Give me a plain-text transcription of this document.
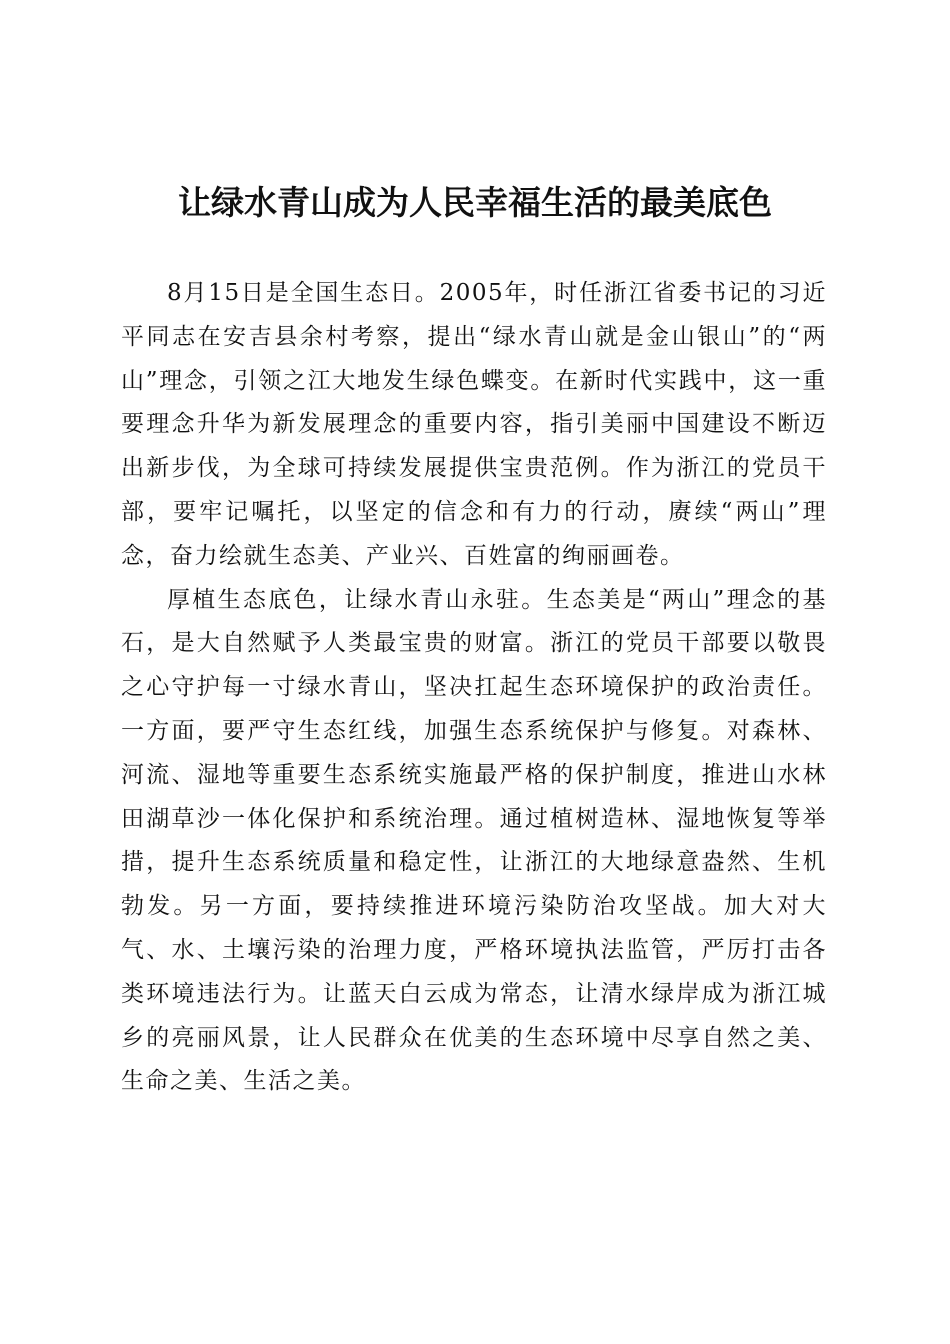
让绿水青山成为人民幸福生活的最美底色

8月15日是全国生态日。2005年，时任浙江省委书记的习近平同志在安吉县余村考察，提出“绿水青山就是金山银山”的“两山”理念，引领之江大地发生绿色蝶变。在新时代实践中，这一重要理念升华为新发展理念的重要内容，指引美丽中国建设不断迈出新步伐，为全球可持续发展提供宝贵范例。作为浙江的党员干部，要牢记嘱托，以坚定的信念和有力的行动，赓续“两山”理念，奋力绘就生态美、产业兴、百姓富的绚丽画卷。

厚植生态底色，让绿水青山永驻。生态美是“两山”理念的基石，是大自然赋予人类最宝贵的财富。浙江的党员干部要以敬畏之心守护每一寸绿水青山，坚决扛起生态环境保护的政治责任。一方面，要严守生态红线，加强生态系统保护与修复。对森林、河流、湿地等重要生态系统实施最严格的保护制度，推进山水林田湖草沙一体化保护和系统治理。通过植树造林、湿地恢复等举措，提升生态系统质量和稳定性，让浙江的大地绿意盎然、生机勃发。另一方面，要持续推进环境污染防治攻坚战。加大对大气、水、土壤污染的治理力度，严格环境执法监管，严厉打击各类环境违法行为。让蓝天白云成为常态，让清水绿岸成为浙江城乡的亮丽风景，让人民群众在优美的生态环境中尽享自然之美、生命之美、生活之美。
